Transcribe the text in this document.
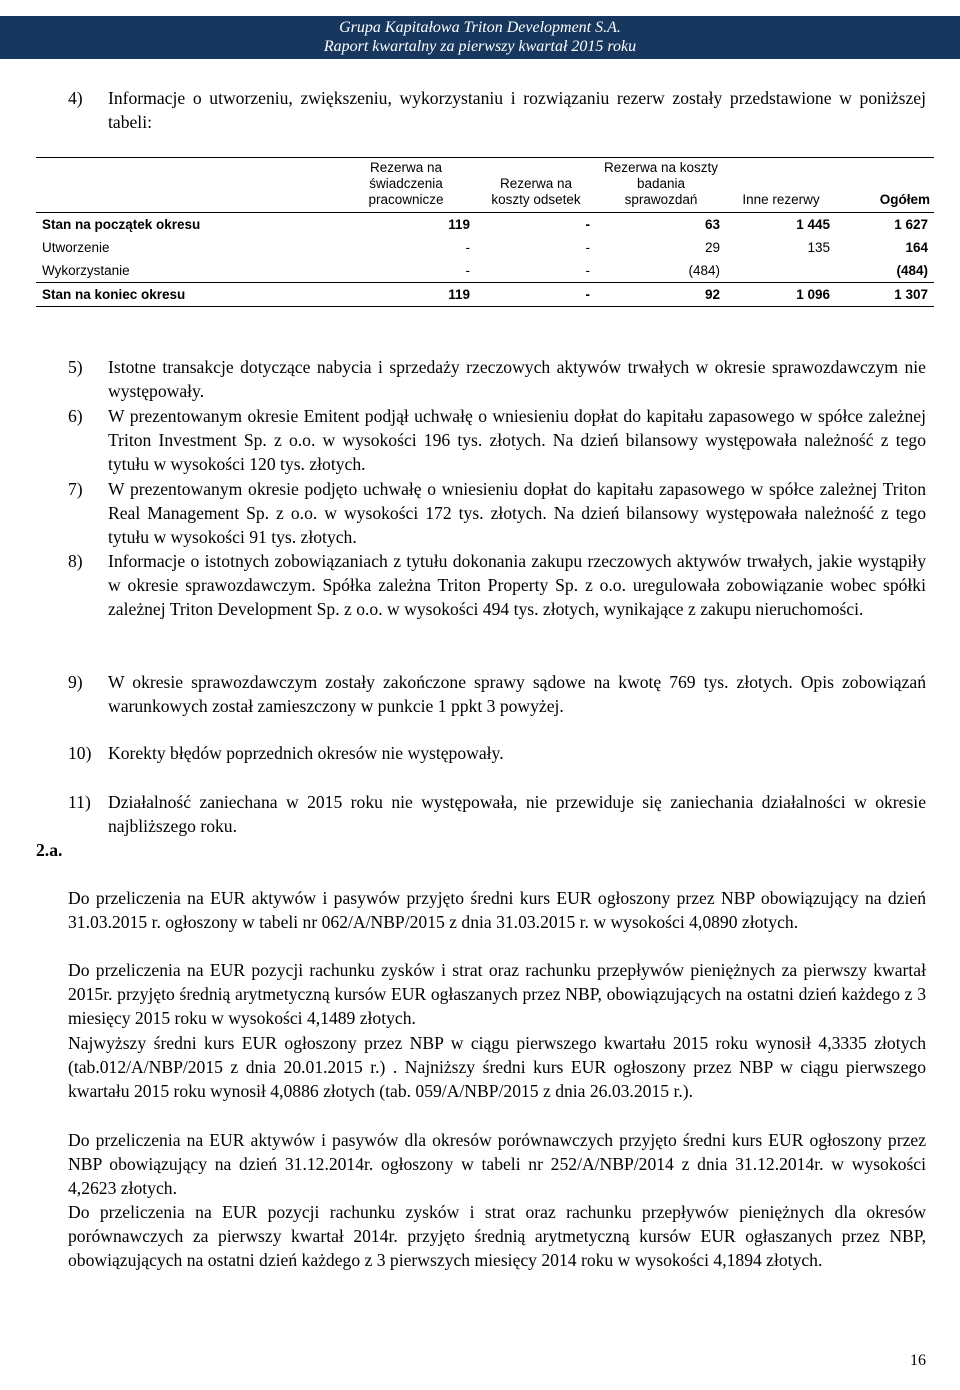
Grupa Kapitałowa Triton Development S.A.
Raport kwartalny za pierwszy kwartał 2015 roku
4) Informacje o utworzeniu, zwiększeniu, wykorzystaniu i rozwiązaniu rezerw zostały przedstawione w poniższej tabeli:
	Rezerwa na świadczenia pracownicze	Rezerwa na koszty odsetek	Rezerwa na koszty badania sprawozdań	Inne rezerwy	Ogółem
Stan na początek okresu	119	-	63	1 445	1 627
Utworzenie	-	-	29	135	164
Wykorzystanie	-	-	(484)		(484)
Stan na koniec okresu	119	-	92	1 096	1 307
5) Istotne transakcje dotyczące nabycia i sprzedaży rzeczowych aktywów trwałych w okresie sprawozdawczym nie występowały.
6) W prezentowanym okresie Emitent podjął uchwałę o wniesieniu dopłat do kapitału zapasowego w spółce zależnej Triton Investment Sp. z o.o. w wysokości 196 tys. złotych. Na dzień bilansowy występowała należność z tego tytułu w wysokości 120 tys. złotych.
7) W prezentowanym okresie podjęto uchwałę o wniesieniu dopłat do kapitału zapasowego w spółce zależnej Triton Real Management Sp. z o.o. w wysokości 172 tys. złotych. Na dzień bilansowy występowała należność z tego tytułu w wysokości 91 tys. złotych.
8) Informacje o istotnych zobowiązaniach z tytułu dokonania zakupu rzeczowych aktywów trwałych, jakie wystąpiły w okresie sprawozdawczym. Spółka zależna Triton Property Sp. z o.o. uregulowała zobowiązanie wobec spółki zależnej Triton Development Sp. z o.o. w wysokości 494 tys. złotych, wynikające z zakupu nieruchomości.
9) W okresie sprawozdawczym zostały zakończone sprawy sądowe na kwotę 769 tys. złotych. Opis zobowiązań warunkowych został zamieszczony w punkcie 1 ppkt 3 powyżej.
10) Korekty błędów poprzednich okresów nie występowały.
11) Działalność zaniechana w 2015 roku nie występowała, nie przewiduje się zaniechania działalności w okresie najbliższego roku.
2.a.
Do przeliczenia na EUR aktywów i pasywów przyjęto średni kurs EUR ogłoszony przez NBP obowiązujący na dzień 31.03.2015 r. ogłoszony w tabeli nr 062/A/NBP/2015 z dnia 31.03.2015 r. w wysokości 4,0890 złotych.
Do przeliczenia na EUR pozycji rachunku zysków i strat oraz rachunku przepływów pieniężnych za pierwszy kwartał 2015r. przyjęto średnią arytmetyczną kursów EUR ogłaszanych przez NBP, obowiązujących na ostatni dzień każdego z 3 miesięcy 2015 roku w wysokości 4,1489 złotych.
Najwyższy średni kurs EUR ogłoszony przez NBP w ciągu pierwszego kwartału 2015 roku wynosił 4,3335 złotych (tab.012/A/NBP/2015 z dnia 20.01.2015 r.) . Najniższy średni kurs EUR ogłoszony przez NBP w ciągu pierwszego kwartału 2015 roku wynosił 4,0886 złotych (tab. 059/A/NBP/2015 z dnia 26.03.2015 r.).
Do przeliczenia na EUR aktywów i pasywów dla okresów porównawczych przyjęto średni kurs EUR ogłoszony przez NBP obowiązujący na dzień 31.12.2014r. ogłoszony w tabeli nr 252/A/NBP/2014 z dnia 31.12.2014r. w wysokości 4,2623 złotych.
Do przeliczenia na EUR pozycji rachunku zysków i strat oraz rachunku przepływów pieniężnych dla okresów porównawczych za pierwszy kwartał 2014r. przyjęto średnią arytmetyczną kursów EUR ogłaszanych przez NBP, obowiązujących na ostatni dzień każdego z 3 pierwszych miesięcy 2014 roku w wysokości 4,1894 złotych.
16
